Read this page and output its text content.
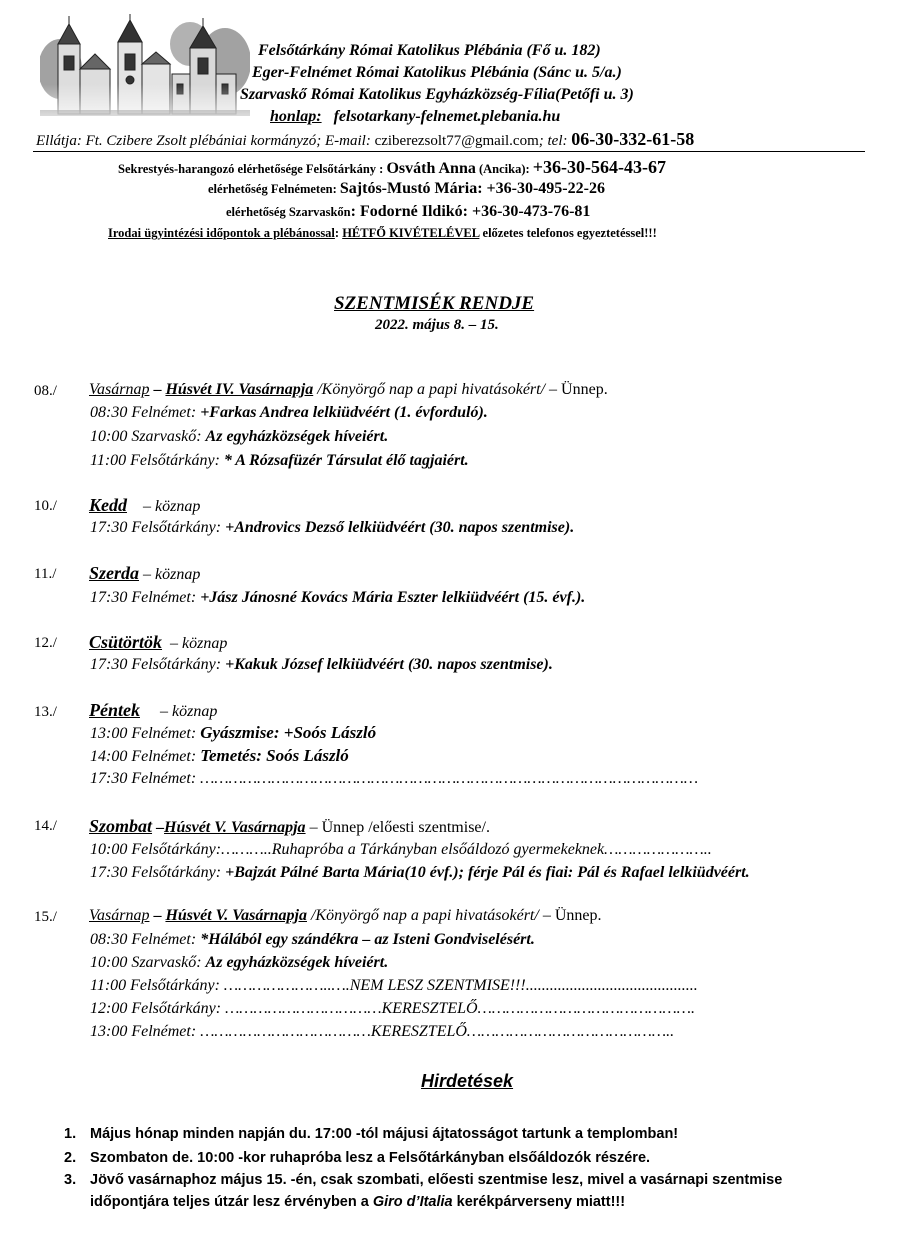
Felsőtárkány Római Katolikus Plébánia (Fő u. 182)
Eger-Felnémet Római Katolikus Plébánia (Sánc u. 5/a.)
Szarvaskő Római Katolikus Egyházközség-Fília(Petőfi u. 3)
honlap: felsotarkany-felnemet.plebania.hu
Ellátja: Ft. Czibere Zsolt plébániai kormányzó; E-mail: cziberezsolt77@gmail.com; tel: 06-30-332-61-58
Sekrestyés-harangozó elérhetősége Felsőtárkány : Osváth Anna (Ancika): +36-30-564-43-67
elérhetőség Felnémeten: Sajtós-Mustó Mária: +36-30-495-22-26
elérhetőség Szarvaskőn: Fodorné Ildikó: +36-30-473-76-81
Irodai ügyintézési időpontok a plébánossal: HÉTFŐ KIVÉTELÉVEL előzetes telefonos egyeztetéssel!!!
SZENTMISÉK RENDJE
2022. május 8. – 15.
08./ Vasárnap – Húsvét IV. Vasárnapja /Könyörgő nap a papi hivatásokért/ – Ünnep.
08:30 Felnémet: +Farkas Andrea lelkiüdvéért (1. évforduló).
10:00 Szarvaskő: Az egyházközségek híveiért.
11:00 Felsőtárkány: * A Rózsafüzér Társulat élő tagjaiért.
10./ Kedd – köznap
17:30 Felsőtárkány: +Androvics Dezső lelkiüdvéért (30. napos szentmise).
11./ Szerda – köznap
17:30 Felnémet: +Jász Jánosné Kovács Mária Eszter lelkiüdvéért (15. évf.).
12./ Csütörtök – köznap
17:30 Felsőtárkány: +Kakuk József lelkiüdvéért (30. napos szentmise).
13./ Péntek – köznap
13:00 Felnémet: Gyászmise: +Soós László
14:00 Felnémet: Temetés: Soós László
17:30 Felnémet: ……………………………………………………………………………………………
14./ Szombat –Húsvét V. Vasárnapja – Ünnep /előesti szentmise/.
10:00 Felsőtárkány:………..Ruhapróba a Tárkányban elsőáldozó gyermekeknek…………………..
17:30 Felsőtárkány: +Bajzát Pálné Barta Mária(10 évf.); férje Pál és fiai: Pál és Rafael lelkiüdvéért.
15./ Vasárnap – Húsvét V. Vasárnapja /Könyörgő nap a papi hivatásokért/ – Ünnep.
08:30 Felnémet: *Hálából egy szándékra – az Isteni Gondviselésért.
10:00 Szarvaskő: Az egyházközségek híveiért.
11:00 Felsőtárkány: …………………..….NEM LESZ SZENTMISE!!!...........................................
12:00 Felsőtárkány: ……………………………KERESZTELŐ……………………………………….
13:00 Felnémet: ………………………………KERESZTELŐ……………………………………..
Hirdetések
1. Május hónap minden napján du. 17:00 -tól májusi ájtatosságot tartunk a templomban!
2. Szombaton de. 10:00 -kor ruhapróba lesz a Felsőtárkányban elsőáldozók részére.
3. Jövő vasárnaphoz május 15. -én, csak szombati, előesti szentmise lesz, mivel a vasárnapi szentmise
időpontjára teljes útzár lesz érvényben a Giro d’Italia kerékpárverseny miatt!!!
